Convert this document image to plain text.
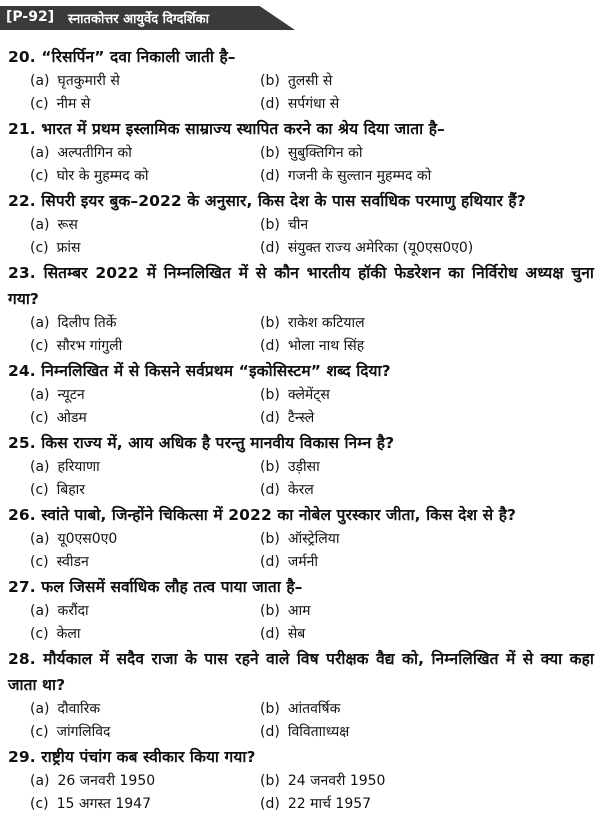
[P-92] स्नातकोत्तर आयुर्वेद दिग्दर्शिका
20. “रिसर्पिन” दवा निकाली जाती है–
(a) घृतकुमारी से	(b) तुलसी से
(c) नीम से	(d) सर्पगंधा से
21. भारत में प्रथम इस्लामिक साम्राज्य स्थापित करने का श्रेय दिया जाता है–
(a) अल्पतीगिन को	(b) सुबुक्तिगिन को
(c) घोर के मुहम्मद को	(d) गजनी के सुल्तान मुहम्मद को
22. सिपरी इयर बुक–2022 के अनुसार, किस देश के पास सर्वाधिक परमाणु हथियार हैं?
(a) रूस	(b) चीन
(c) फ्रांस	(d) संयुक्त राज्य अमेरिका (यू0एस0ए0)
23. सितम्बर 2022 में निम्नलिखित में से कौन भारतीय हॉकी फेडरेशन का निर्विरोध अध्यक्ष चुना गया?
(a) दिलीप तिर्के	(b) राकेश कटियाल
(c) सौरभ गांगुली	(d) भोला नाथ सिंह
24. निम्नलिखित में से किसने सर्वप्रथम “इकोसिस्टम” शब्द दिया?
(a) न्यूटन	(b) क्लेमेंट्स
(c) ओडम	(d) टैन्स्ले
25. किस राज्य में, आय अधिक है परन्तु मानवीय विकास निम्न है?
(a) हरियाणा	(b) उड़ीसा
(c) बिहार	(d) केरल
26. स्वांते पाबो, जिन्होंने चिकित्सा में 2022 का नोबेल पुरस्कार जीता, किस देश से है?
(a) यू0एस0ए0	(b) ऑस्ट्रेलिया
(c) स्वीडन	(d) जर्मनी
27. फल जिसमें सर्वाधिक लौह तत्व पाया जाता है–
(a) करौंदा	(b) आम
(c) केला	(d) सेब
28. मौर्यकाल में सदैव राजा के पास रहने वाले विष परीक्षक वैद्य को, निम्नलिखित में से क्या कहा जाता था?
(a) दौवारिक	(b) आंतवर्षिक
(c) जांगलिविद	(d) विवितााध्यक्ष
29. राष्ट्रीय पंचांग कब स्वीकार किया गया?
(a) 26 जनवरी 1950	(b) 24 जनवरी 1950
(c) 15 अगस्त 1947	(d) 22 मार्च 1957
